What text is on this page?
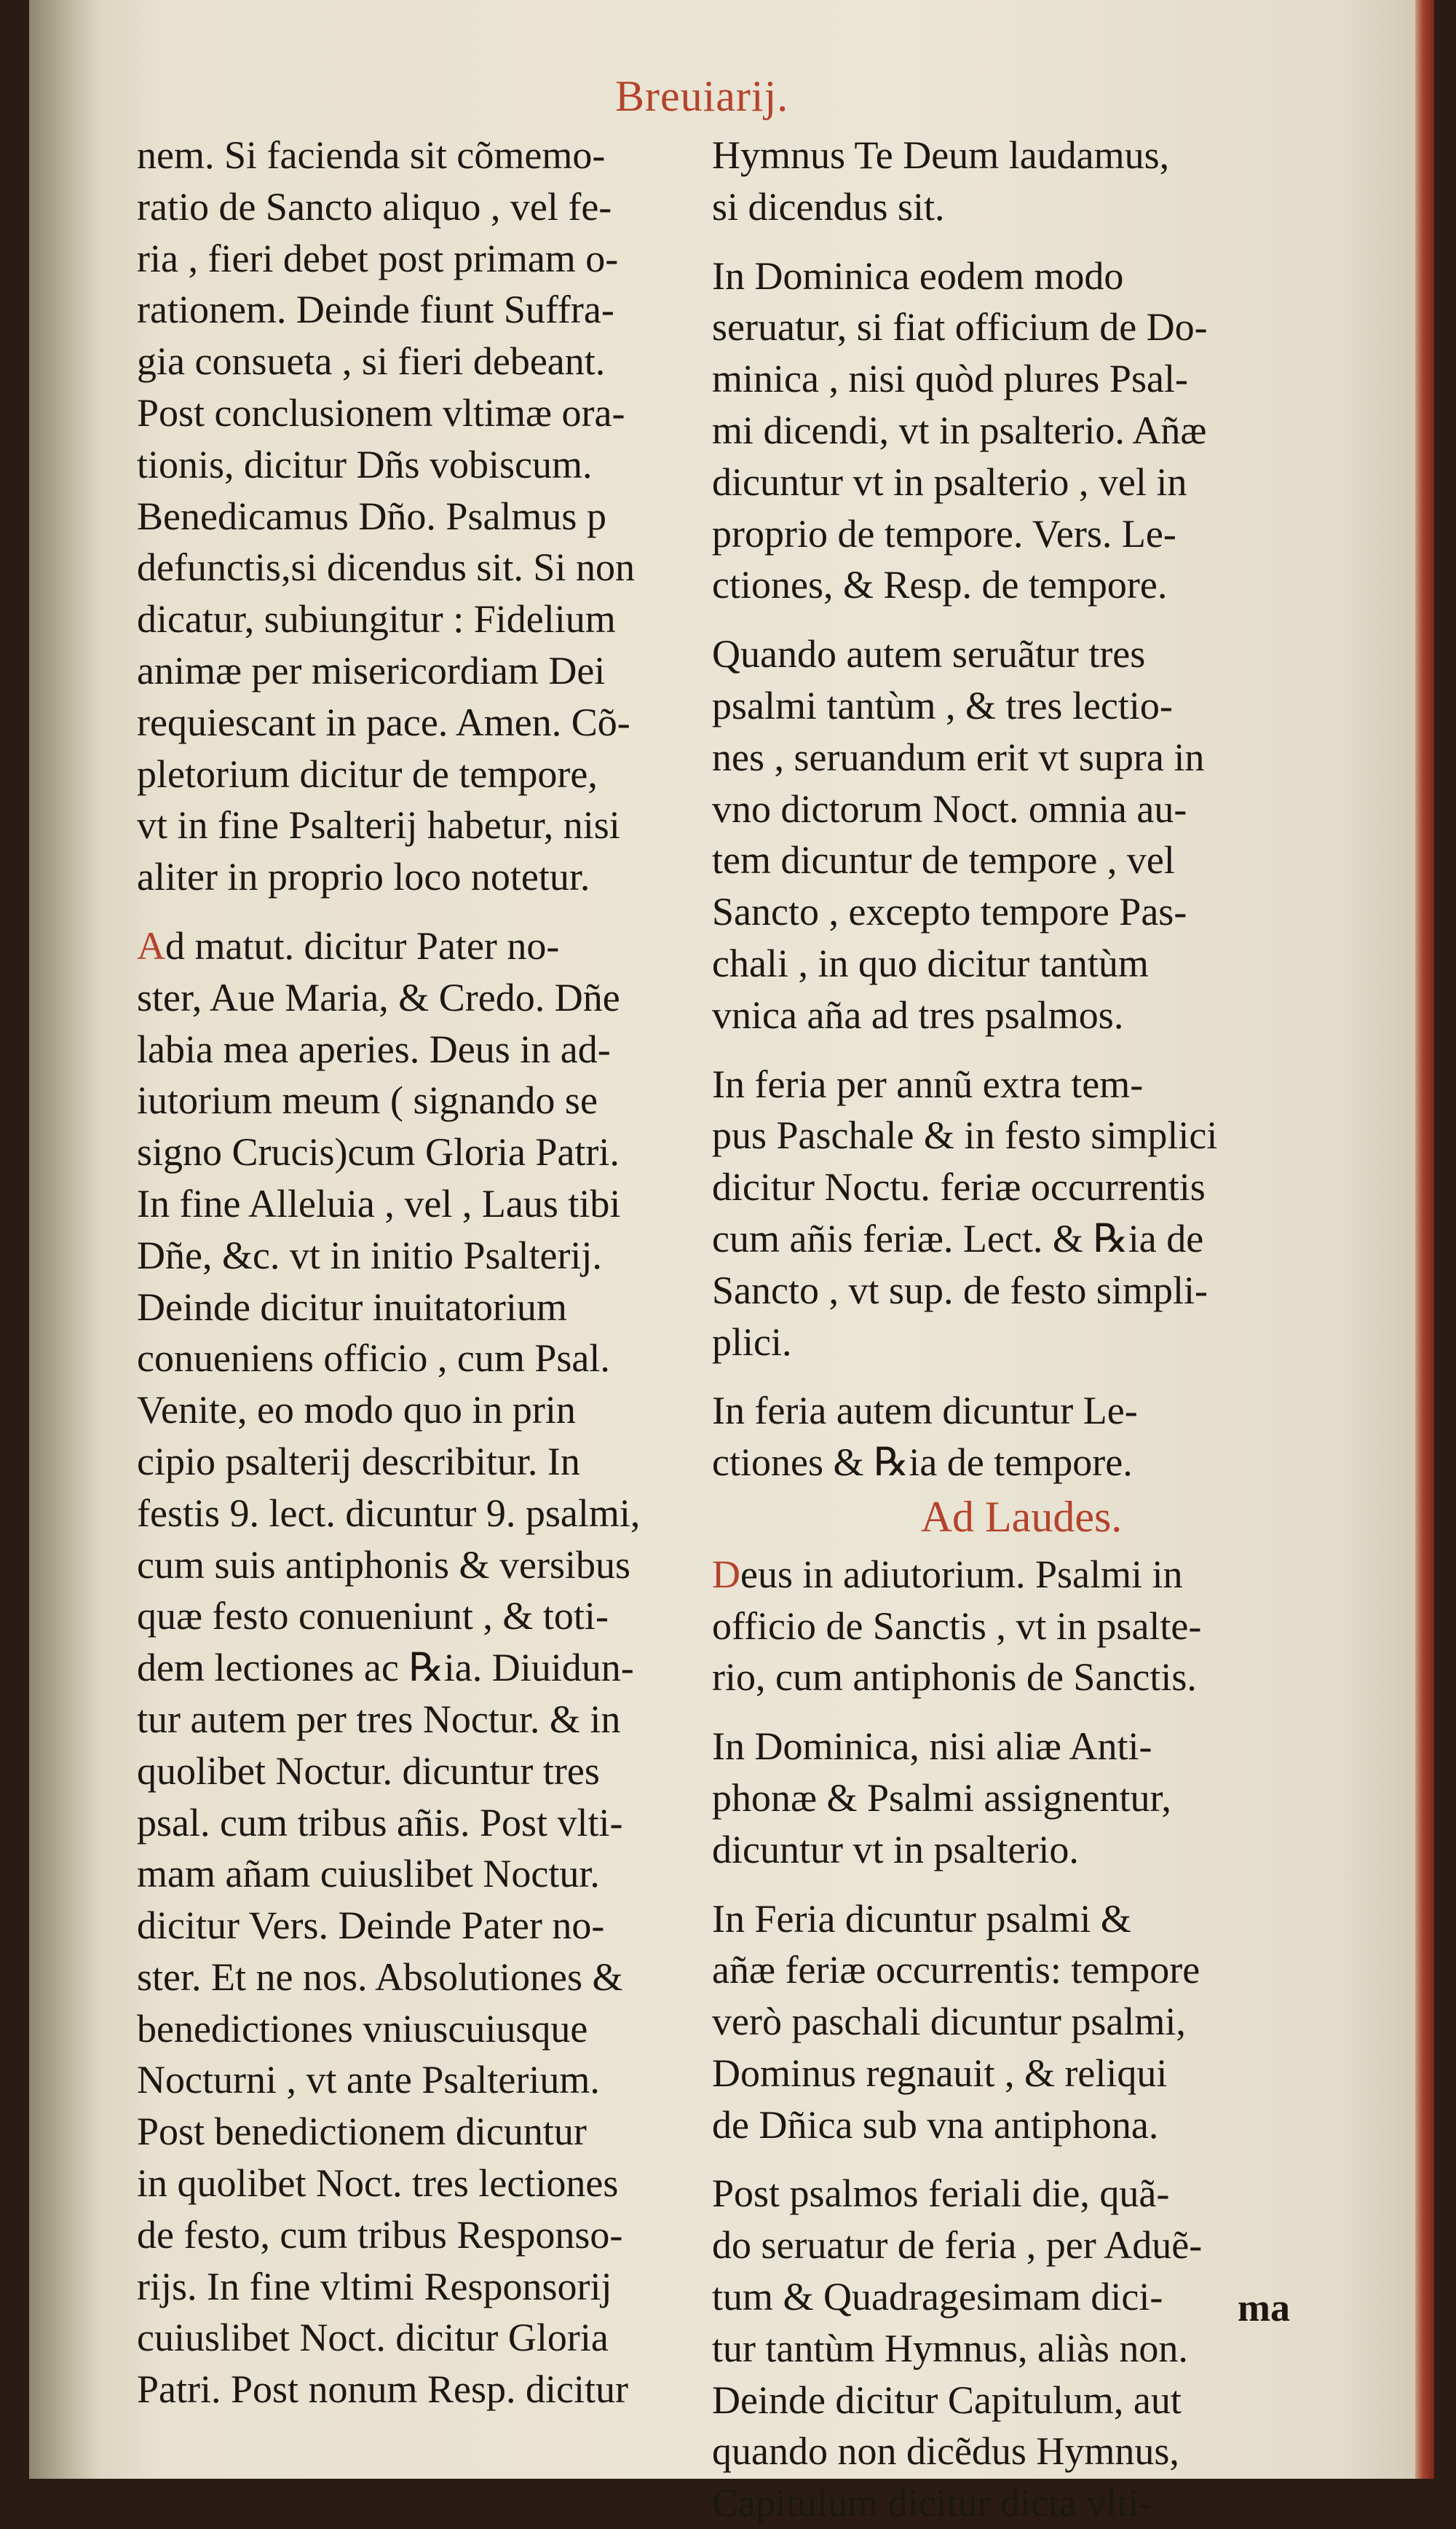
Breuiarij.
nem. Si facienda sit cõmemo-
ratio de Sancto aliquo , vel fe-
ria , fieri debet post primam o-
rationem. Deinde fiunt Suffra-
gia consueta , si fieri debeant.
Post conclusionem vltimæ ora-
tionis, dicitur Dñs vobiscum.
Benedicamus Dño. Psalmus p
defunctis,si dicendus sit. Si non
dicatur, subiungitur : Fidelium
animæ per misericordiam Dei
requiescant in pace. Amen. Cõ-
pletorium dicitur de tempore,
vt in fine Psalterij habetur, nisi
aliter in proprio loco notetur.
Ad matut. dicitur Pater no-
ster, Aue Maria, & Credo. Dñe
labia mea aperies. Deus in ad-
iutorium meum ( signando se
signo Crucis)cum Gloria Patri.
In fine Alleluia , vel , Laus tibi
Dñe, &c. vt in initio Psalterij.
Deinde dicitur inuitatorium
conueniens officio , cum Psal.
Venite, eo modo quo in prin
cipio psalterij describitur. In
festis 9. lect. dicuntur 9. psalmi,
cum suis antiphonis & versibus
quæ festo conueniunt , & toti-
dem lectiones ac ℞ia. Diuidun-
tur autem per tres Noctur. & in
quolibet Noctur. dicuntur tres
psal. cum tribus añis. Post vlti-
mam añam cuiuslibet Noctur.
dicitur Vers. Deinde Pater no-
ster. Et ne nos. Absolutiones &
benedictiones vniuscuiusque
Nocturni , vt ante Psalterium.
Post benedictionem dicuntur
in quolibet Noct. tres lectiones
de festo, cum tribus Responso-
rijs. In fine vltimi Responsorij
cuiuslibet Noct. dicitur Gloria
Patri. Post nonum Resp. dicitur
Hymnus Te Deum laudamus,
si dicendus sit.
In Dominica eodem modo
seruatur, si fiat officium de Do-
minica , nisi quòd plures Psal-
mi dicendi, vt in psalterio. Añæ
dicuntur vt in psalterio , vel in
proprio de tempore. Vers. Le-
ctiones, & Resp. de tempore.
Quando autem seruãtur tres
psalmi tantùm , & tres lectio-
nes , seruandum erit vt supra in
vno dictorum Noct. omnia au-
tem dicuntur de tempore , vel
Sancto , excepto tempore Pas-
chali , in quo dicitur tantùm
vnica aña ad tres psalmos.
In feria per annũ extra tem-
pus Paschale & in festo simplici
dicitur Noctu. feriæ occurrentis
cum añis feriæ. Lect. & ℞ia de
Sancto , vt sup. de festo simpli-
plici.
In feria autem dicuntur Le-
ctiones & ℞ia de tempore.
Ad Laudes.
Deus in adiutorium. Psalmi in
officio de Sanctis , vt in psalte-
rio, cum antiphonis de Sanctis.
In Dominica, nisi aliæ Anti-
phonæ & Psalmi assignentur,
dicuntur vt in psalterio.
In Feria dicuntur psalmi &
añæ feriæ occurrentis: tempore
verò paschali dicuntur psalmi,
Dominus regnauit , & reliqui
de Dñica sub vna antiphona.
Post psalmos feriali die, quã-
do seruatur de feria , per Aduẽ-
tum & Quadragesimam dici-
tur tantùm Hymnus, aliàs non.
Deinde dicitur Capitulum, aut
quando non dicẽdus Hymnus,
Capitulum dicitur dicta vlti-
ma
